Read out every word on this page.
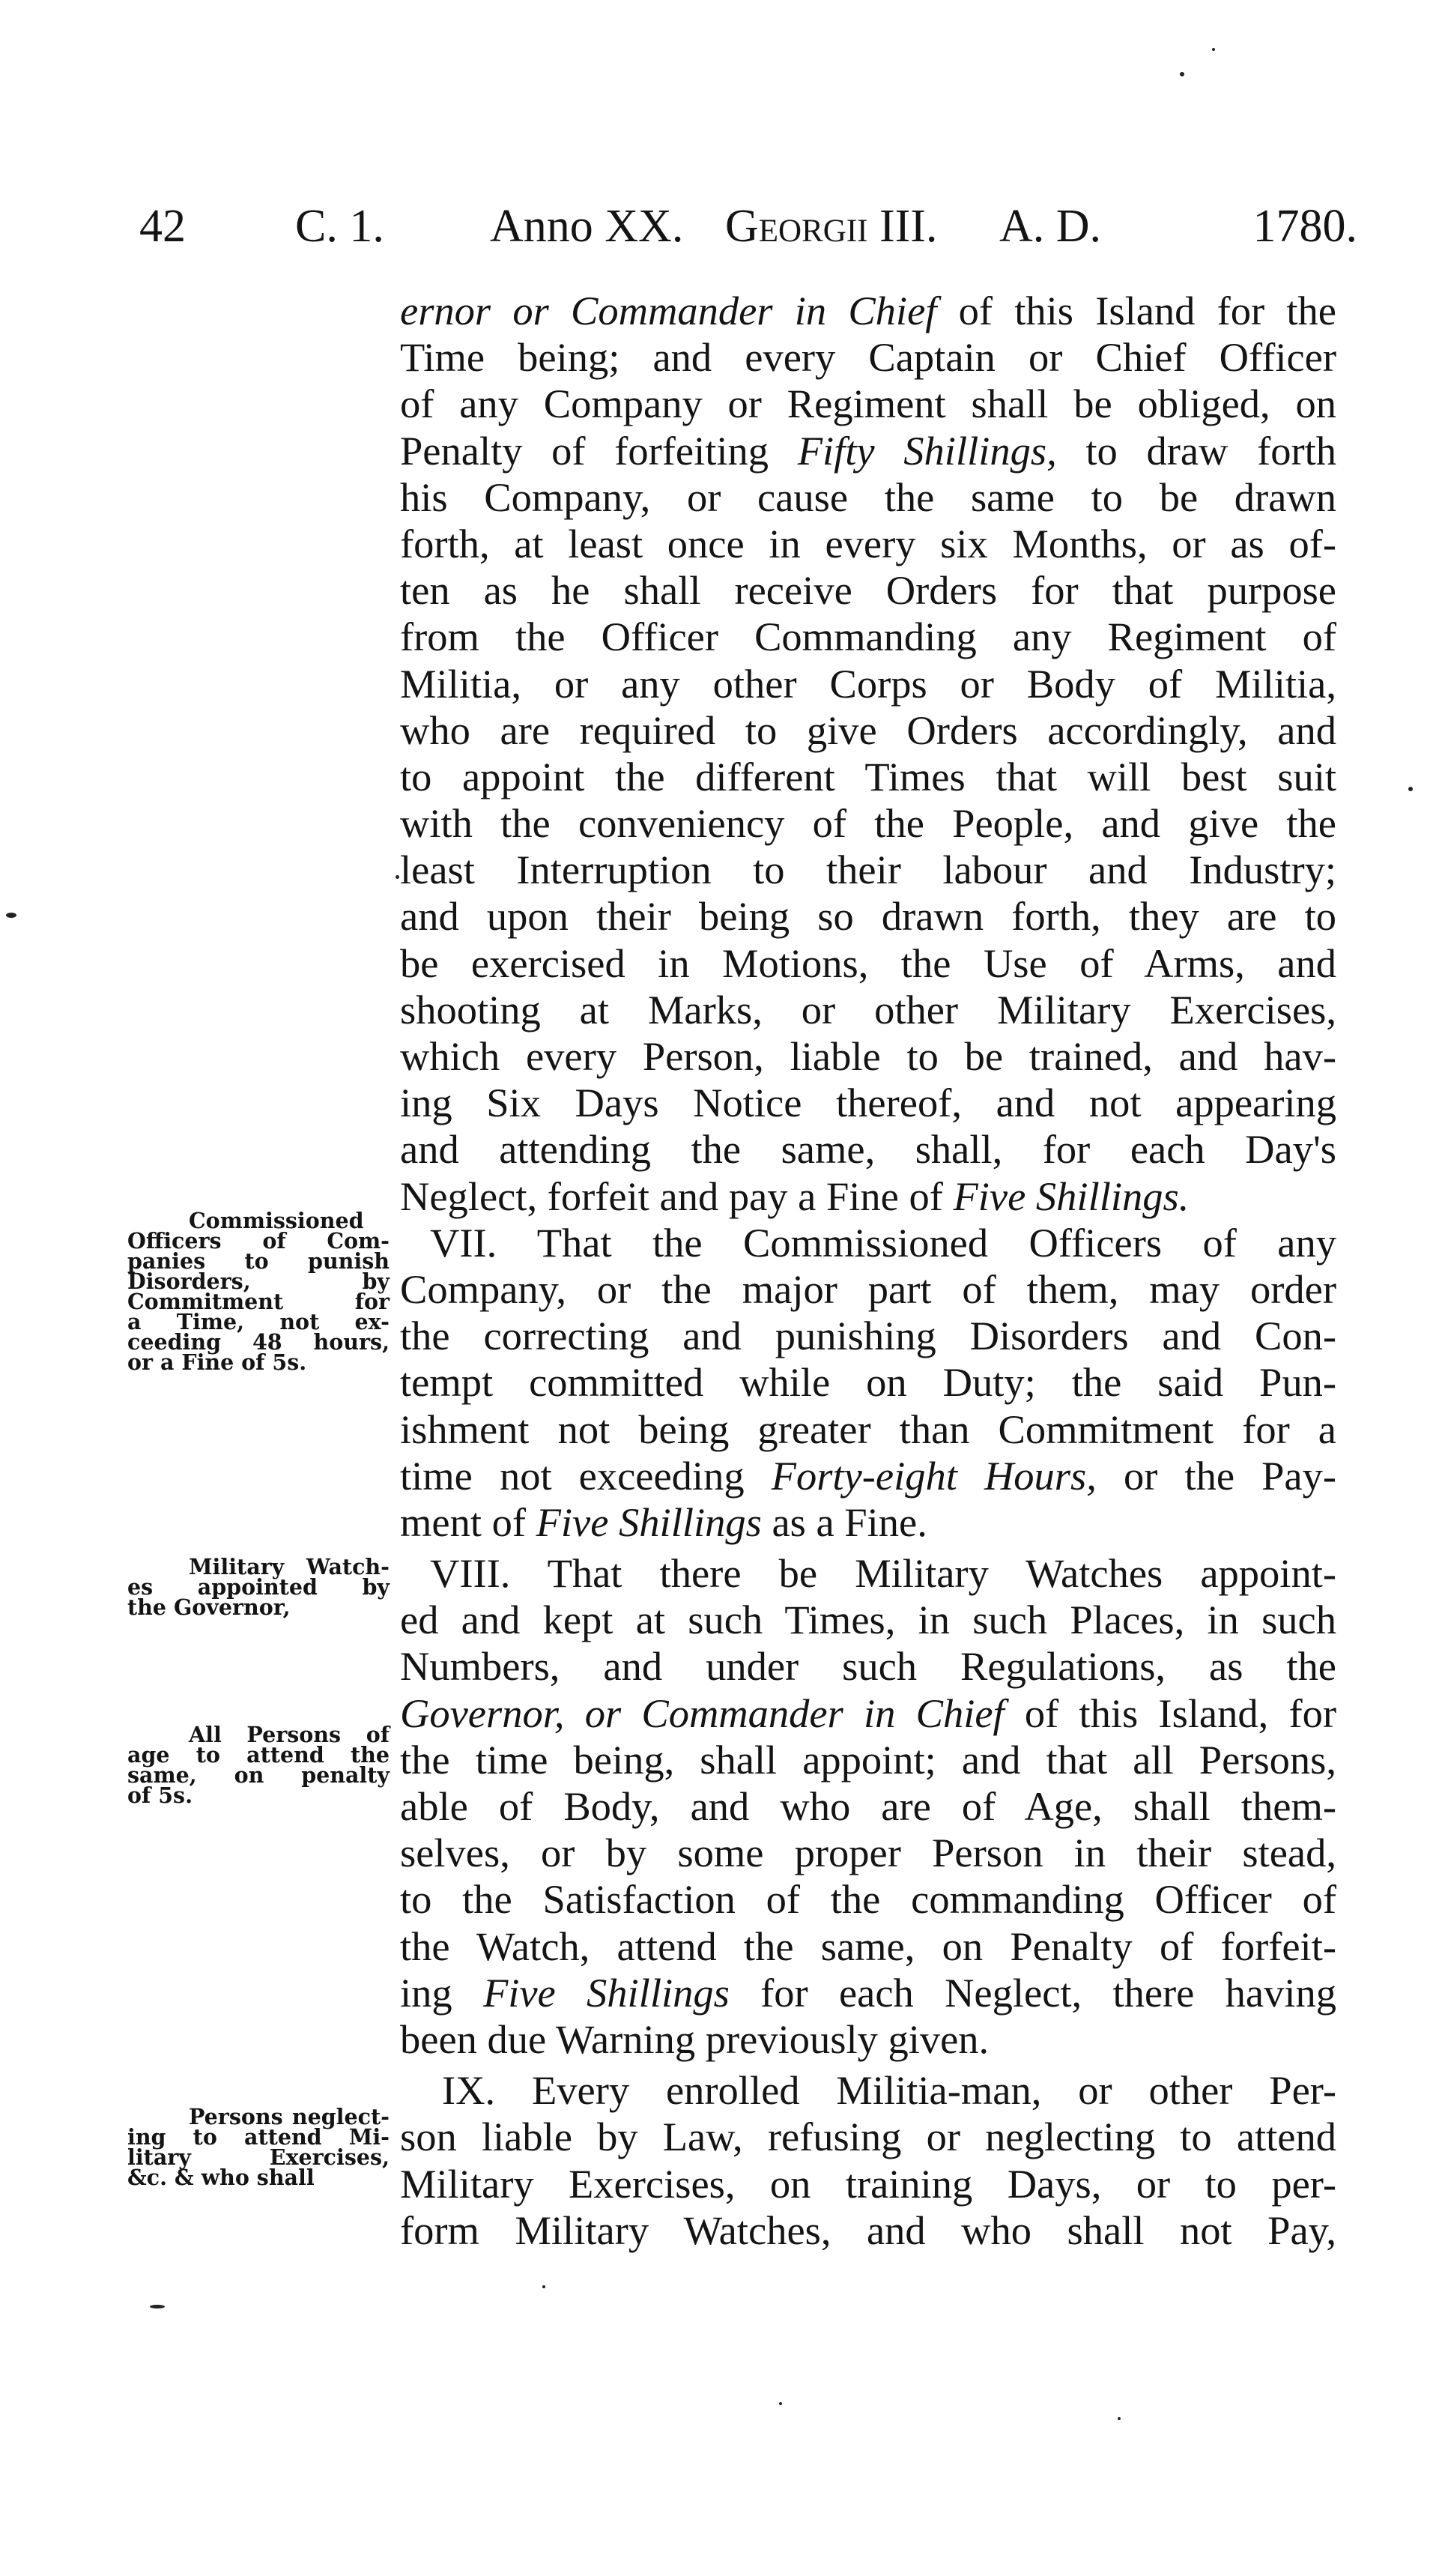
42 C. 1. Anno XX. Georgii III. A. D.	1780.
ernor or Commander in Chief of this Island for the
Time being; and every Captain or Chief Officer
of any Company or Regiment shall be obliged, on
Penalty of forfeiting Fifty Shillings, to draw forth
his Company, or cause the same to be drawn
forth, at least once in every six Months, or as of-
ten as he shall receive Orders for that purpose
from the Officer Commanding any Regiment of
Militia, or any other Corps or Body of Militia,
who are required to give Orders accordingly, and
to appoint the different Times that will best suit
with the conveniency of the People, and give the
least Interruption to their labour and Industry;
and upon their being so drawn forth, they are to
be exercised in Motions, the Use of Arms, and
shooting at Marks, or other Military Exercises,
which every Person, liable to be trained, and hav-
ing Six Days Notice thereof, and not appearing
and attending the same, shall, for each Day's
Neglect, forfeit and pay a Fine of Five Shillings.
VII. That the Commissioned Officers of any
Company, or the major part of them, may order
the correcting and punishing Disorders and Con-
tempt committed while on Duty; the said Pun-
ishment not being greater than Commitment for a
time not exceeding Forty-eight Hours, or the Pay-
ment of Five Shillings as a Fine.
VIII. That there be Military Watches appoint-
ed and kept at such Times, in such Places, in such
Numbers, and under such Regulations, as the
Governor, or Commander in Chief of this Island, for
the time being, shall appoint; and that all Persons,
able of Body, and who are of Age, shall them-
selves, or by some proper Person in their stead,
to the Satisfaction of the commanding Officer of
the Watch, attend the same, on Penalty of forfeit-
ing Five Shillings for each Neglect, there having
been due Warning previously given.
IX. Every enrolled Militia-man, or other Per-
son liable by Law, refusing or neglecting to attend
Military Exercises, on training Days, or to per-
form Military Watches, and who shall not Pay,
Commissioned
Officers of Com-
panies to punish
Disorders, by
Commitment for
a Time, not ex-
ceeding 48 hours,
or a Fine of 5s.
Military Watch-
es appointed by
the Governor,
All Persons of
age to attend the
same, on penalty
of 5s.
Persons neglect-
ing to attend Mi-
litary Exercises,
&c. & who shall
